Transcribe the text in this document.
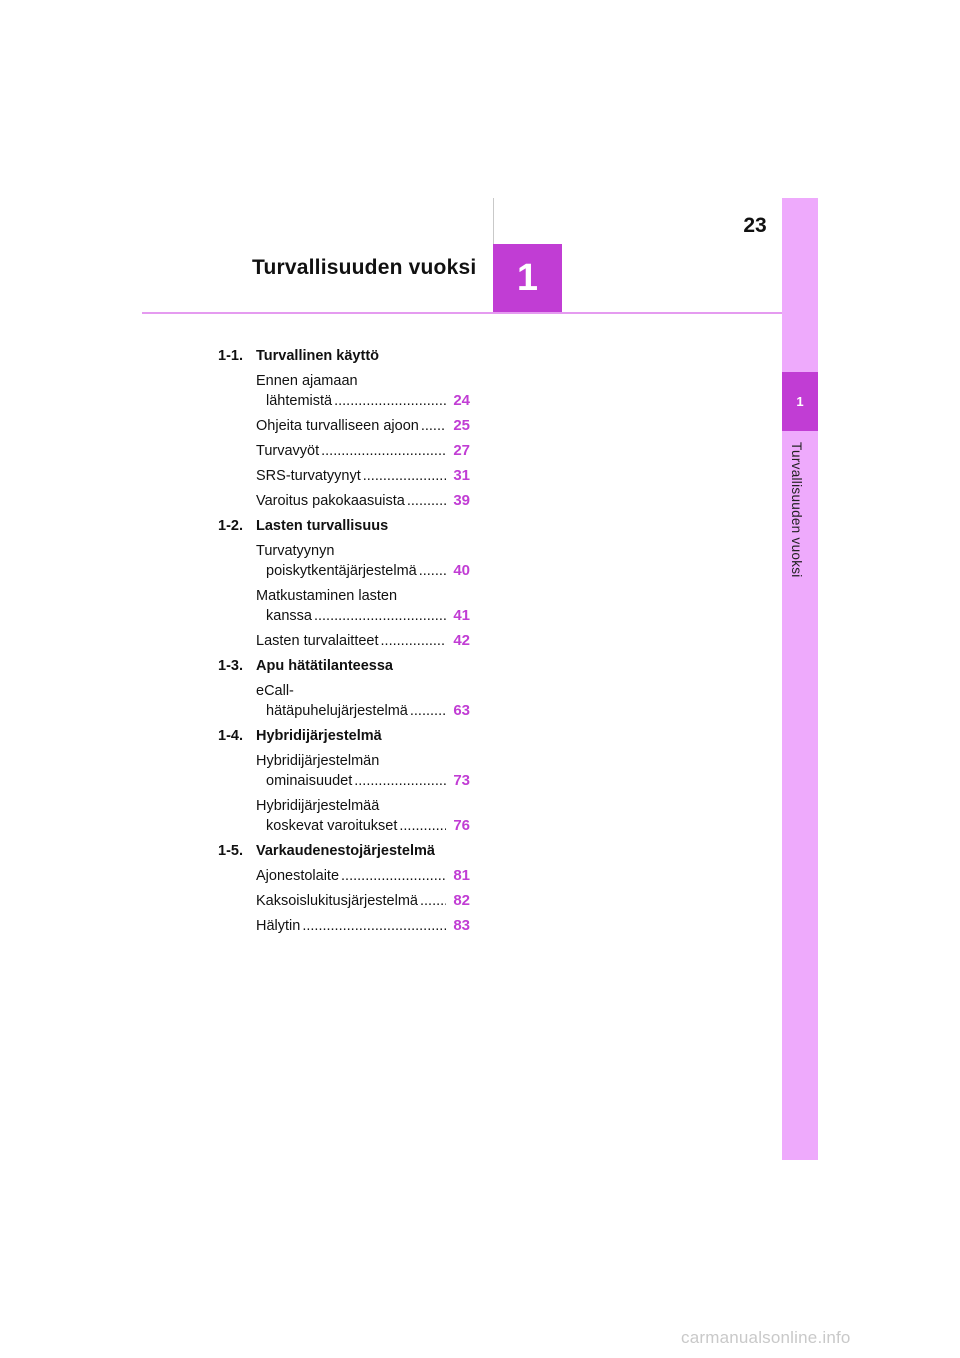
23
Turvallisuuden vuoksi	1
1
Turvallisuuden vuoksi
1-1. Turvallinen käyttö
Ennen ajamaan
lähtemistä .....	24
Ohjeita turvalliseen ajoon .....	25
Turvavyöt .....	27
SRS-turvatyynyt .....	31
Varoitus pakokaasuista .....	39
1-2. Lasten turvallisuus
Turvatyynyn
poiskytkentäjärjestelmä .....	40
Matkustaminen lasten
kanssa .....	41
Lasten turvalaitteet .....	42
1-3. Apu hätätilanteessa
eCall-
hätäpuhelujärjestelmä .....	63
1-4. Hybridijärjestelmä
Hybridijärjestelmän
ominaisuudet .....	73
Hybridijärjestelmää
koskevat varoitukset .....	76
1-5. Varkaudenestojärjestelmä
Ajonestolaite .....	81
Kaksoislukitusjärjestelmä .....	82
Hälytin .....	83
carmanualsonline.info
